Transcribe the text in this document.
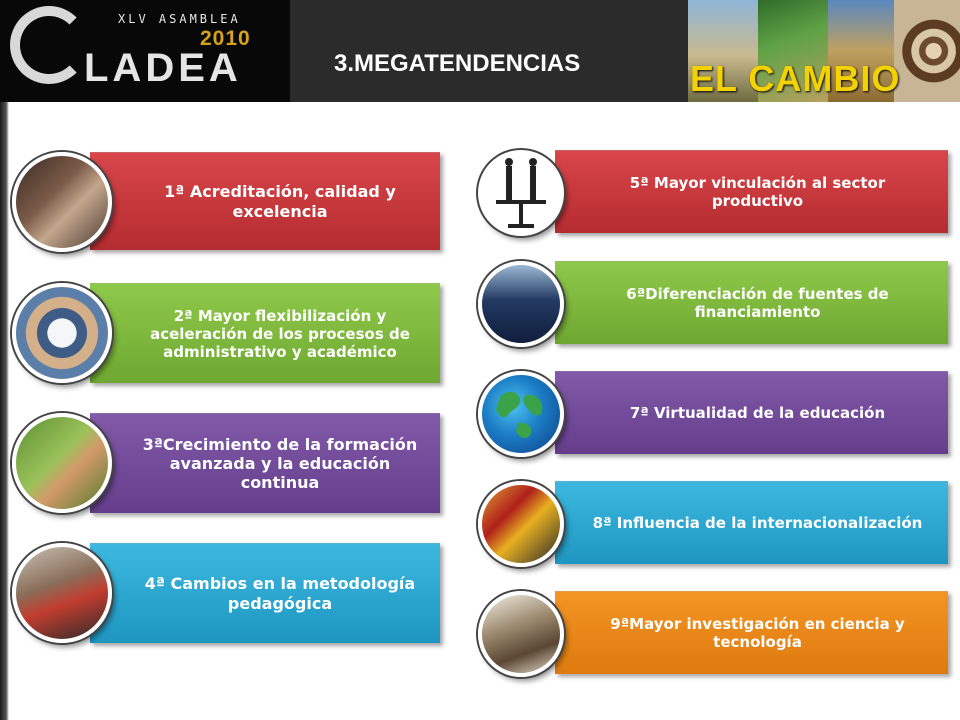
XLV ASAMBLEA
2010
LADEA	3.MEGATENDENCIAS	EL CAMBIO
1ª Acreditación, calidad y excelencia
2ª Mayor flexibilización y aceleración de los procesos de administrativo y académico
3ªCrecimiento de la formación avanzada y la educación continua
4ª Cambios en la metodología pedagógica
5ª Mayor vinculación al sector productivo
6ªDiferenciación de fuentes de financiamiento
7ª Virtualidad de la educación
8ª Influencia de la internacionalización
9ªMayor investigación en ciencia y tecnología
